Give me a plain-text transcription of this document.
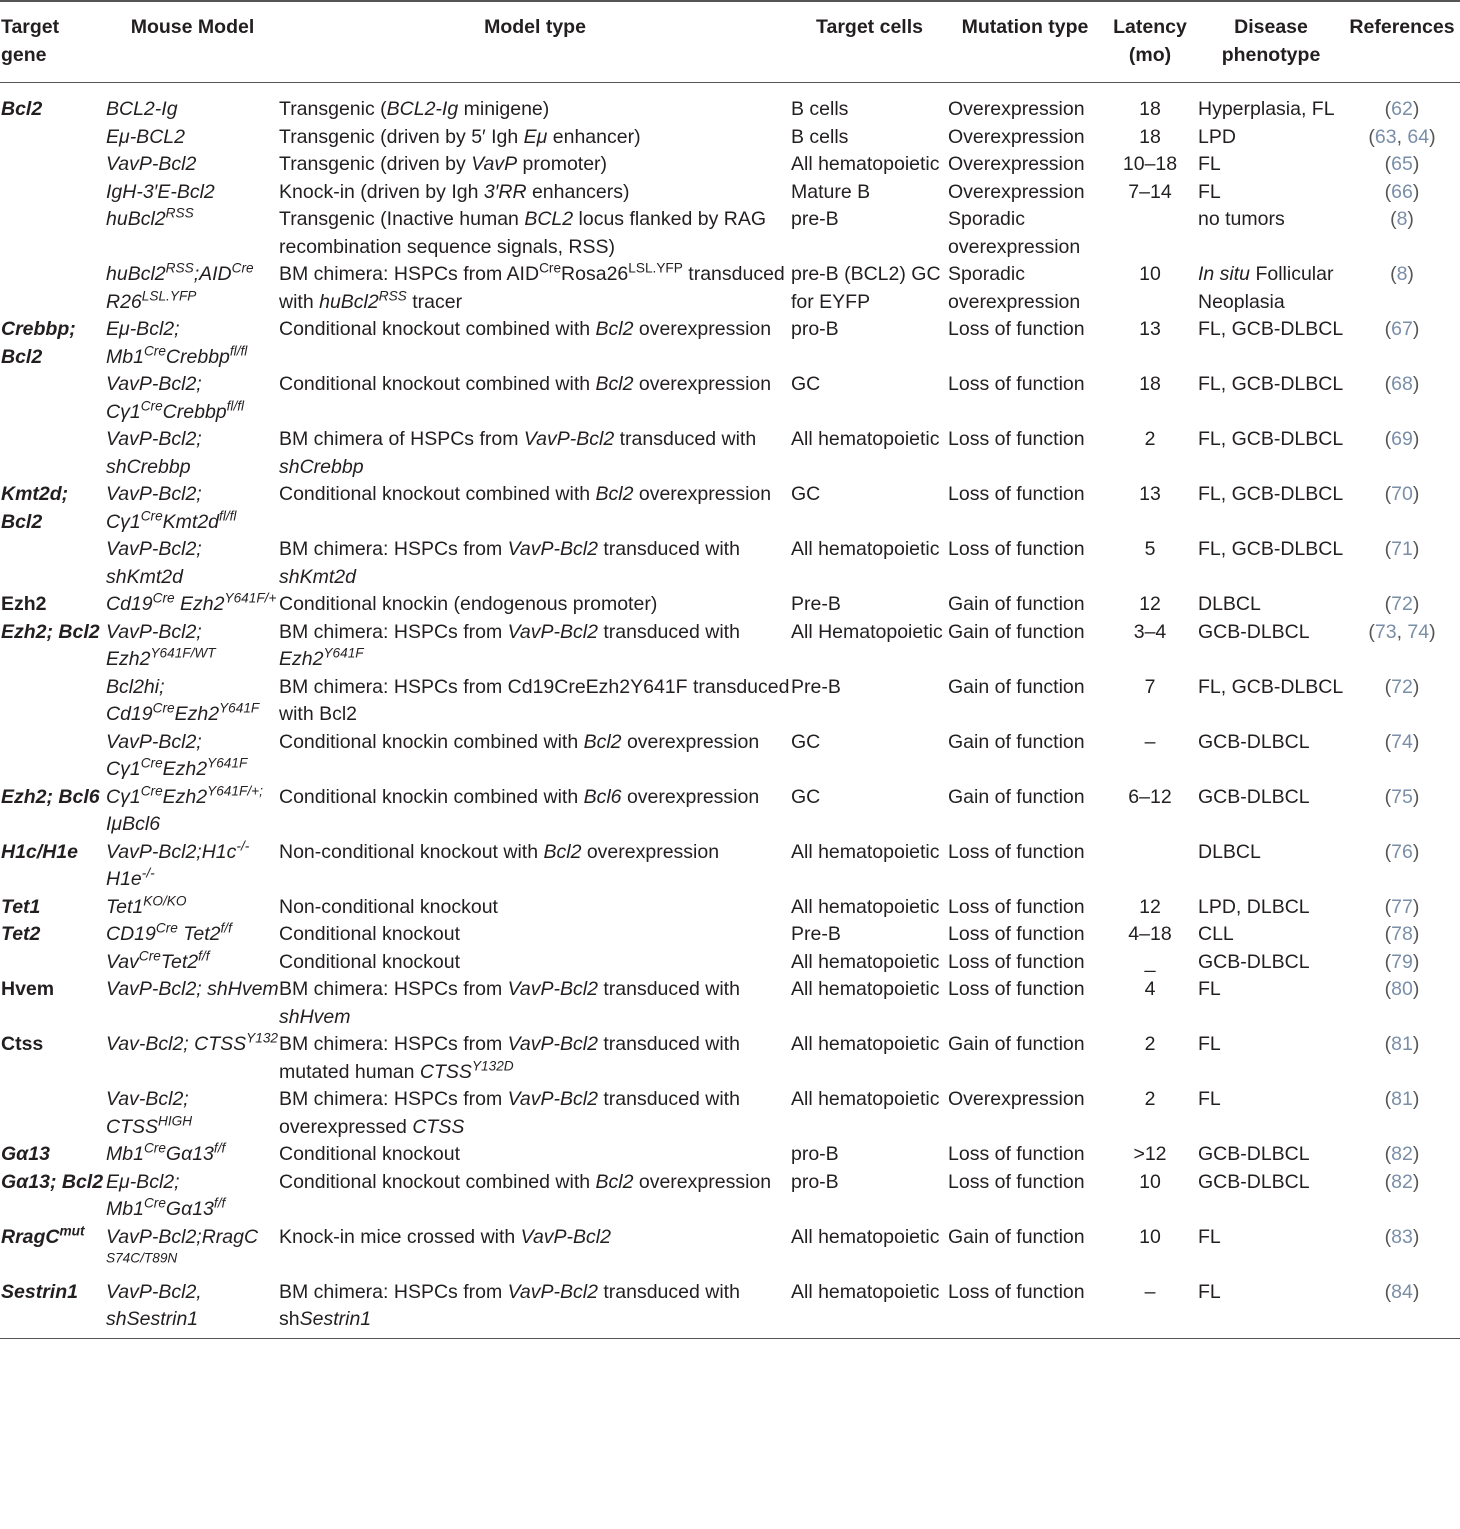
Target gene	Mouse Model	Model type	Target cells	Mutation type	Latency (mo)	Disease phenotype	References
Bcl2	BCL2-Ig	Transgenic (BCL2-Ig minigene)	B cells	Overexpression	18	Hyperplasia, FL	(62)
	Eμ-BCL2	Transgenic (driven by 5′ Igh Eμ enhancer)	B cells	Overexpression	18	LPD	(63, 64)
	VavP-Bcl2	Transgenic (driven by VavP promoter)	All hematopoietic	Overexpression	10–18	FL	(65)
	IgH-3′E-Bcl2	Knock-in (driven by Igh 3′RR enhancers)	Mature B	Overexpression	7–14	FL	(66)
	$huBcl2^{RSS}$	Transgenic (Inactive human BCL2 locus flanked by RAG recombination sequence signals, RSS)	pre-B	Sporadic overexpression		no tumors	(8)
	$huBcl2^{RSS};AID^{Cre}$ $R26^{LSL.YFP}$	BM chimera: HSPCs from $AID^{Cre}Rosa26^{LSL.YFP}$ transduced with $huBcl2^{RSS}$ tracer	pre-B (BCL2) GC for EYFP	Sporadic overexpression	10	In situ Follicular Neoplasia	(8)
Crebbp; Bcl2	Eμ-Bcl2; $Mb1^{Cre}Crebbp^{fl/fl}$	Conditional knockout combined with Bcl2 overexpression	pro-B	Loss of function	13	FL, GCB-DLBCL	(67)
	VavP-Bcl2; $C\gamma 1^{Cre}Crebbp^{fl/fl}$	Conditional knockout combined with Bcl2 overexpression	GC	Loss of function	18	FL, GCB-DLBCL	(68)
	VavP-Bcl2; shCrebbp	BM chimera of HSPCs from VavP-Bcl2 transduced with shCrebbp	All hematopoietic	Loss of function	2	FL, GCB-DLBCL	(69)
Kmt2d; Bcl2	VavP-Bcl2; $C\gamma 1^{Cre}Kmt2d^{fl/fl}$	Conditional knockout combined with Bcl2 overexpression	GC	Loss of function	13	FL, GCB-DLBCL	(70)
	VavP-Bcl2; shKmt2d	BM chimera: HSPCs from VavP-Bcl2 transduced with shKmt2d	All hematopoietic	Loss of function	5	FL, GCB-DLBCL	(71)
Ezh2	$Cd19^{Cre}$ $Ezh2^{Y641F/+}$	Conditional knockin (endogenous promoter)	Pre-B	Gain of function	12	DLBCL	(72)
Ezh2; Bcl2	VavP-Bcl2; $Ezh2^{Y641F/WT}$	BM chimera: HSPCs from VavP-Bcl2 transduced with $Ezh2^{Y641F}$	All Hematopoietic	Gain of function	3–4	GCB-DLBCL	(73, 74)
	Bcl2hi; $Cd19^{Cre}Ezh2^{Y641F}$	BM chimera: HSPCs from Cd19CreEzh2Y641F transduced with Bcl2	Pre-B	Gain of function	7	FL, GCB-DLBCL	(72)
	VavP-Bcl2; $C\gamma 1^{Cre}Ezh2^{Y641F}$	Conditional knockin combined with Bcl2 overexpression	GC	Gain of function	–	GCB-DLBCL	(74)
Ezh2; Bcl6	$C\gamma 1^{Cre}Ezh2^{Y641F/+;}$ IμBcl6	Conditional knockin combined with Bcl6 overexpression	GC	Gain of function	6–12	GCB-DLBCL	(75)
H1c/H1e	VavP-Bcl2;H1c-/- H1e-/-	Non-conditional knockout with Bcl2 overexpression	All hematopoietic	Loss of function		DLBCL	(76)
Tet1	$Tet1^{KO/KO}$	Non-conditional knockout	All hematopoietic	Loss of function	12	LPD, DLBCL	(77)
Tet2	$CD19^{Cre}$ $Tet2^{f/f}$	Conditional knockout	Pre-B	Loss of function	4–18	CLL	(78)
	$Vav^{Cre}Tet2^{f/f}$	Conditional knockout	All hematopoietic	Loss of function	_	GCB-DLBCL	(79)
Hvem	VavP-Bcl2; shHvem	BM chimera: HSPCs from VavP-Bcl2 transduced with shHvem	All hematopoietic	Loss of function	4	FL	(80)
Ctss	Vav-Bcl2; $CTSS^{Y132}$	BM chimera: HSPCs from VavP-Bcl2 transduced with mutated human $CTSS^{Y132D}$	All hematopoietic	Gain of function	2	FL	(81)
	Vav-Bcl2; $CTSS^{HIGH}$	BM chimera: HSPCs from VavP-Bcl2 transduced with overexpressed CTSS	All hematopoietic	Overexpression	2	FL	(81)
Gα13	$Mb1^{Cre}G\alpha 13^{f/f}$	Conditional knockout	pro-B	Loss of function	>12	GCB-DLBCL	(82)
Gα13; Bcl2	Eμ-Bcl2; $Mb1^{Cre}G\alpha 13^{f/f}$	Conditional knockout combined with Bcl2 overexpression	pro-B	Loss of function	10	GCB-DLBCL	(82)
RragC$^{mut}$	VavP-Bcl2;RragC $^{S74C/T89N}$	Knock-in mice crossed with VavP-Bcl2	All hematopoietic	Gain of function	10	FL	(83)
Sestrin1	VavP-Bcl2, shSestrin1	BM chimera: HSPCs from VavP-Bcl2 transduced with shSestrin1	All hematopoietic	Loss of function	–	FL	(84)
